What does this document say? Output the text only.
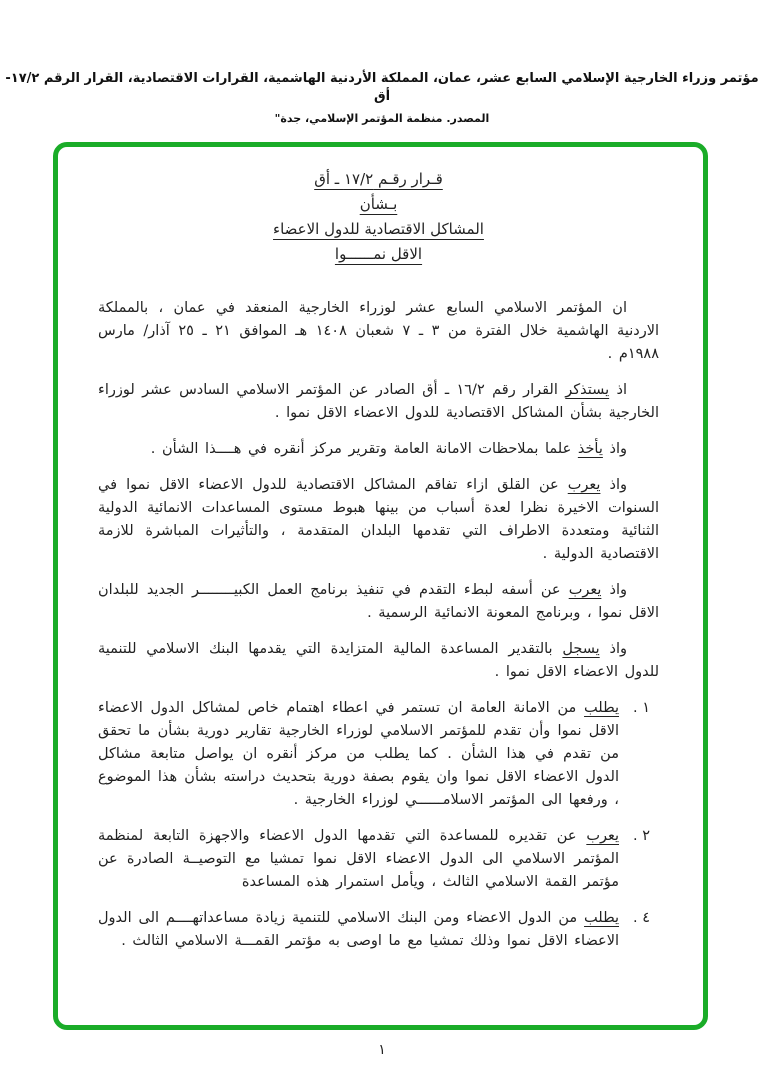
مؤتمر وزراء الخارجية الإسلامي السابع عشر، عمان، المملكة الأردنية الهاشمية، القرارات الاقتصادية، القرار الرقم ١٧/٢-أق
المصدر. منظمة المؤتمر الإسلامي، جدة"
قـرار رقـم ١٧/٢ ـ أق
بـشأن
المشاكل الاقتصادية للدول الاعضاء
الاقل نمــــــوا

ان المؤتمر الاسلامي السابع عشر لوزراء الخارجية المنعقد في عمان ، بالمملكة الاردنية الهاشمية خلال الفترة من ٣ ـ ٧ شعبان ١٤٠٨ هـ الموافق ٢١ ـ ٢٥ آذار/ مارس ١٩٨٨م .

اذ يستذكر القرار رقم ١٦/٢ ـ أق الصادر عن المؤتمر الاسلامي السادس عشر لوزراء الخارجية بشأن المشاكل الاقتصادية للدول الاعضاء الاقل نموا .

واذ يأخذ علما بملاحظات الامانة العامة وتقرير مركز أنقره في هــــذا الشأن .

واذ يعرب عن القلق ازاء تفاقم المشاكل الاقتصادية للدول الاعضاء الاقل نموا في السنوات الاخيرة نظرا لعدة أسباب من بينها هبوط مستوى المساعدات الانمائية الدولية الثنائية ومتعددة الاطراف التي تقدمها البلدان المتقدمة ، والتأثيرات المباشرة للازمة الاقتصادية الدولية .

واذ يعرب عن أسفه لبطء التقدم في تنفيذ برنامج العمل الكبيــــــــر الجديد للبلدان الاقل نموا ، وبرنامج المعونة الانمائية الرسمية .

واذ يسجل بالتقدير المساعدة المالية المتزايدة التي يقدمها البنك الاسلامي للتنمية للدول الاعضاء الاقل نموا .

. ١
يطلب من الامانة العامة ان تستمر في اعطاء اهتمام خاص لمشاكل الدول الاعضاء الاقل نموا وأن تقدم للمؤتمر الاسلامي لوزراء الخارجية تقارير دورية بشأن ما تحقق من تقدم في هذا الشأن . كما يطلب من مركز أنقره ان يواصل متابعة مشاكل الدول الاعضاء الاقل نموا وان يقوم بصفة دورية بتحديث دراسته بشأن هذا الموضوع ، ورفعها الى المؤتمر الاسلامــــــي لوزراء الخارجية .
. ٢
يعرب عن تقديره للمساعدة التي تقدمها الدول الاعضاء والاجهزة التابعة لمنظمة المؤتمر الاسلامي الى الدول الاعضاء الاقل نموا تمشيا مع التوصيــة الصادرة عن مؤتمر القمة الاسلامي الثالث ، ويأمل استمرار هذه المساعدة
. ٤
يطلب من الدول الاعضاء ومن البنك الاسلامي للتنمية زيادة مساعداتهــــم الى الدول الاعضاء الاقل نموا وذلك تمشيا مع ما اوصى به مؤتمر القمـــة الاسلامي الثالث .
١
